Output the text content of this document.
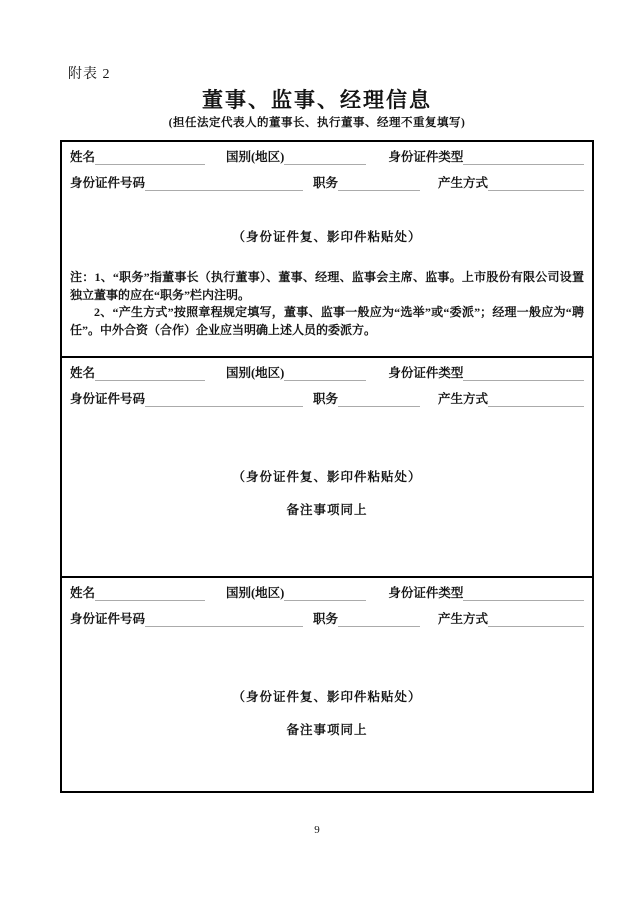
附表 2
董事、监事、经理信息
(担任法定代表人的董事长、执行董事、经理不重复填写)
姓名	国别(地区)	身份证件类型
身份证件号码	职务	产生方式
（身份证件复、影印件粘贴处）

注：1、“职务”指董事长（执行董事）、董事、经理、监事会主席、监事。上市股份有限公司设置独立董事的应在“职务”栏内注明。

2、“产生方式”按照章程规定填写，董事、监事一般应为“选举”或“委派”；经理一般应为“聘任”。中外合资（合作）企业应当明确上述人员的委派方。

姓名	国别(地区)	身份证件类型
身份证件号码	职务	产生方式
（身份证件复、影印件粘贴处）
备注事项同上
姓名	国别(地区)	身份证件类型
身份证件号码	职务	产生方式
（身份证件复、影印件粘贴处）
备注事项同上
9
